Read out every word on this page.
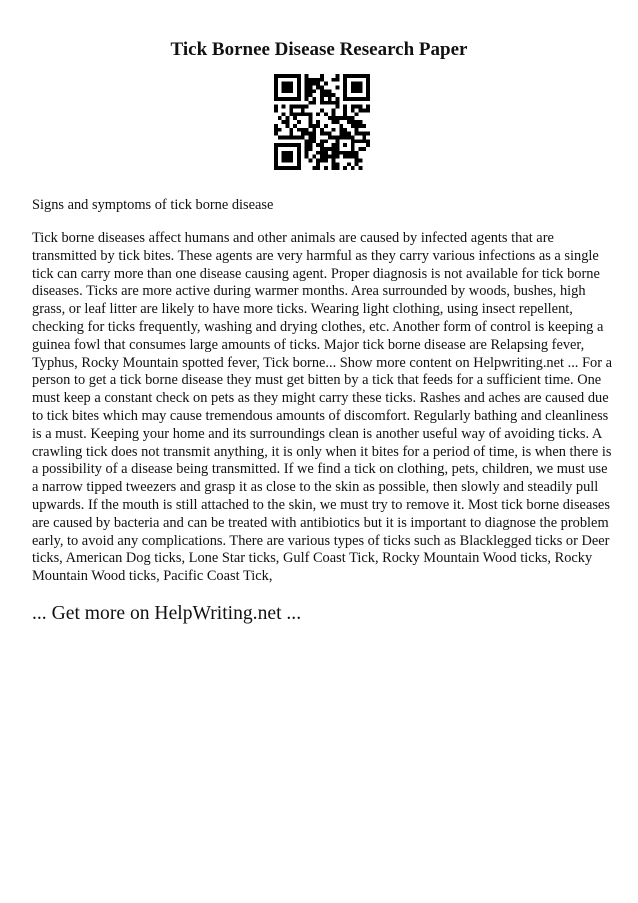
Tick Bornee Disease Research Paper

Signs and symptoms of tick borne disease

Tick borne diseases affect humans and other animals are caused by infected agents that are transmitted by tick bites. These agents are very harmful as they carry various infections as a single tick can carry more than one disease causing agent. Proper diagnosis is not available for tick borne diseases. Ticks are more active during warmer months. Area surrounded by woods, bushes, high grass, or leaf litter are likely to have more ticks. Wearing light clothing, using insect repellent, checking for ticks frequently, washing and drying clothes, etc. Another form of control is keeping a guinea fowl that consumes large amounts of ticks. Major tick borne disease are Relapsing fever, Typhus, Rocky Mountain spotted fever, Tick borne... Show more content on Helpwriting.net ... For a person to get a tick borne disease they must get bitten by a tick that feeds for a sufficient time. One must keep a constant check on pets as they might carry these ticks. Rashes and aches are caused due to tick bites which may cause tremendous amounts of discomfort. Regularly bathing and cleanliness is a must. Keeping your home and its surroundings clean is another useful way of avoiding ticks. A crawling tick does not transmit anything, it is only when it bites for a period of time, is when there is a possibility of a disease being transmitted. If we find a tick on clothing, pets, children, we must use a narrow tipped tweezers and grasp it as close to the skin as possible, then slowly and steadily pull upwards. If the mouth is still attached to the skin, we must try to remove it. Most tick borne diseases are caused by bacteria and can be treated with antibiotics but it is important to diagnose the problem early, to avoid any complications. There are various types of ticks such as Blacklegged ticks or Deer ticks, American Dog ticks, Lone Star ticks, Gulf Coast Tick, Rocky Mountain Wood ticks, Rocky Mountain Wood ticks, Pacific Coast Tick,

... Get more on HelpWriting.net ...
